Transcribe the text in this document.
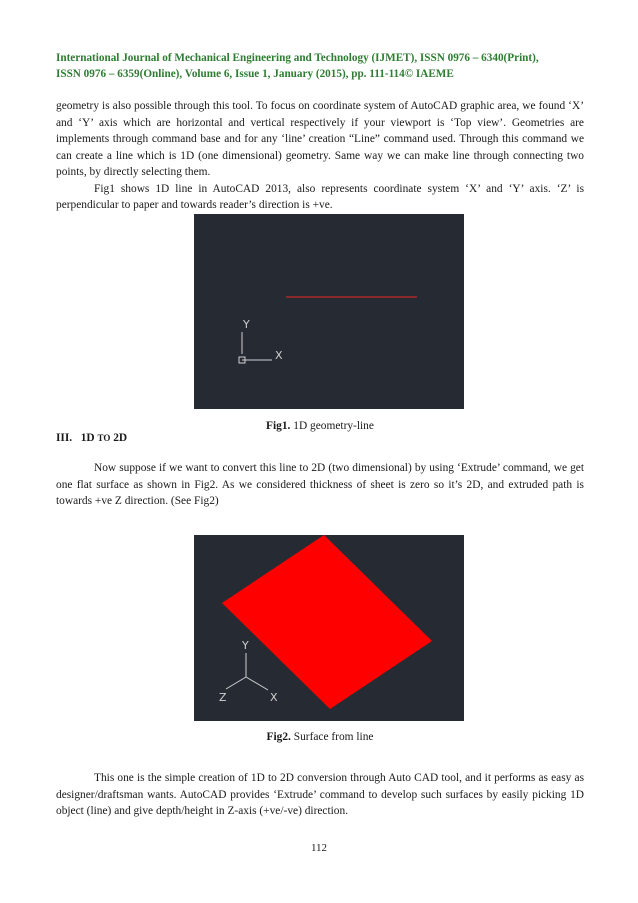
International Journal of Mechanical Engineering and Technology (IJMET), ISSN 0976 – 6340(Print),
ISSN 0976 – 6359(Online), Volume 6, Issue 1, January (2015), pp. 111-114© IAEME

geometry is also possible through this tool. To focus on coordinate system of AutoCAD graphic area, we found ‘X’ and ‘Y’ axis which are horizontal and vertical respectively if your viewport is ‘Top view’. Geometries are implements through command base and for any ‘line’ creation “Line” command used. Through this command we can create a line which is 1D (one dimensional) geometry. Same way we can make line through connecting two points, by directly selecting them.

Fig1 shows 1D line in AutoCAD 2013, also represents coordinate system ‘X’ and ‘Y’ axis. ‘Z’ is perpendicular to paper and towards reader’s direction is +ve.

Y
X
Fig1. 1D geometry-line
III. 1D TO 2D

Now suppose if we want to convert this line to 2D (two dimensional) by using ‘Extrude’ command, we get one flat surface as shown in Fig2. As we considered thickness of sheet is zero so it’s 2D, and extruded path is towards +ve Z direction. (See Fig2)

Y
Z	X
Fig2. Surface from line

This one is the simple creation of 1D to 2D conversion through Auto CAD tool, and it performs as easy as designer/draftsman wants. AutoCAD provides ‘Extrude’ command to develop such surfaces by easily picking 1D object (line) and give depth/height in Z-axis (+ve/-ve) direction.

112
